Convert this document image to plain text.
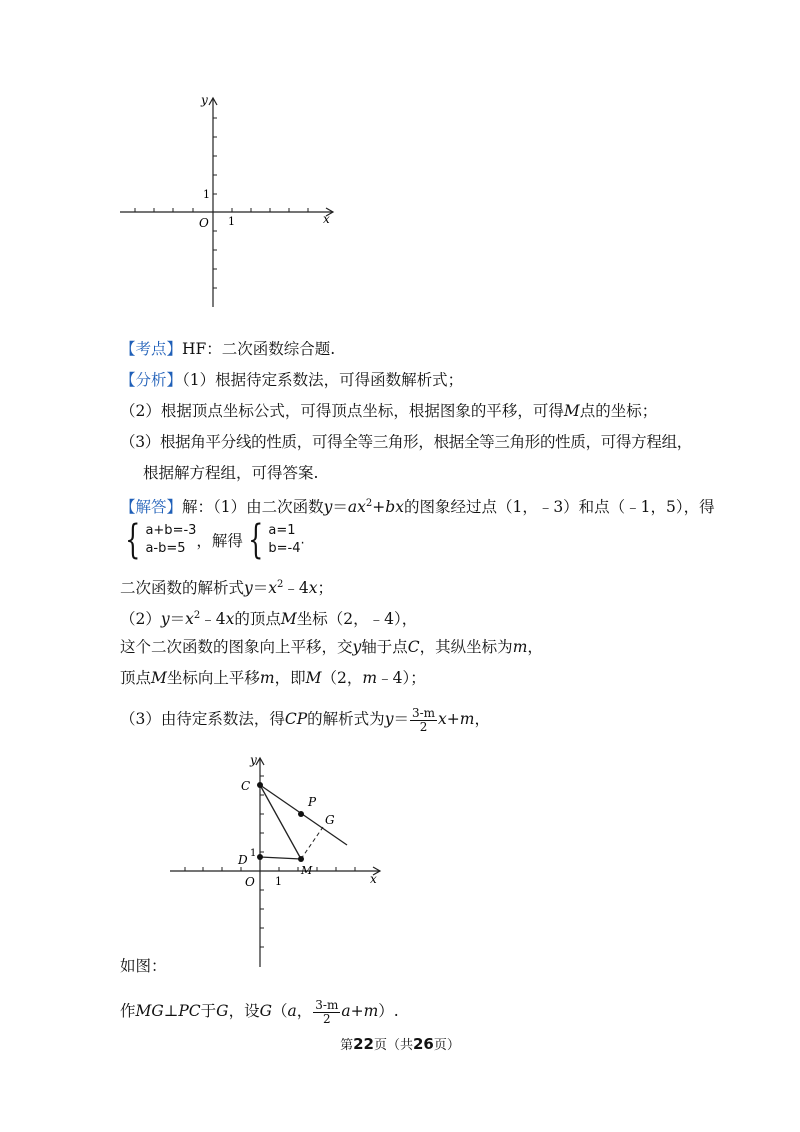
y
x
O 1
1
【考点】HF：二次函数综合题.
【分析】（1）根据待定系数法，可得函数解析式；
（2）根据顶点坐标公式，可得顶点坐标，根据图象的平移，可得M点的坐标；
（3）根据角平分线的性质，可得全等三角形，根据全等三角形的性质，可得方程组，
根据解方程组，可得答案.
【解答】解：（1）由二次函数$y=ax^2+bx$的图象经过点（1，﹣3）和点（﹣1，5），得
{ a+b=-3
a-b=5 ，解得 { a=1
b=-4.
二次函数的解析式$y=x^2﹣4x$；
$(2)y=x^2﹣4x$的顶点M坐标（2，﹣4），
这个二次函数的图象向上平移，交y轴于点C，其纵坐标为m，
顶点M坐标向上平移m，即M（2，m﹣4）；
（3）由待定系数法，得CP的解析式为$y= \frac{3-m}{2} x+m$，
y
x
O
C
P
G
D 1
M
1
如图：
作MG⊥PC于G，设G（a， $\frac{3-m}{2} a+m$）.
第22页（共26页）
